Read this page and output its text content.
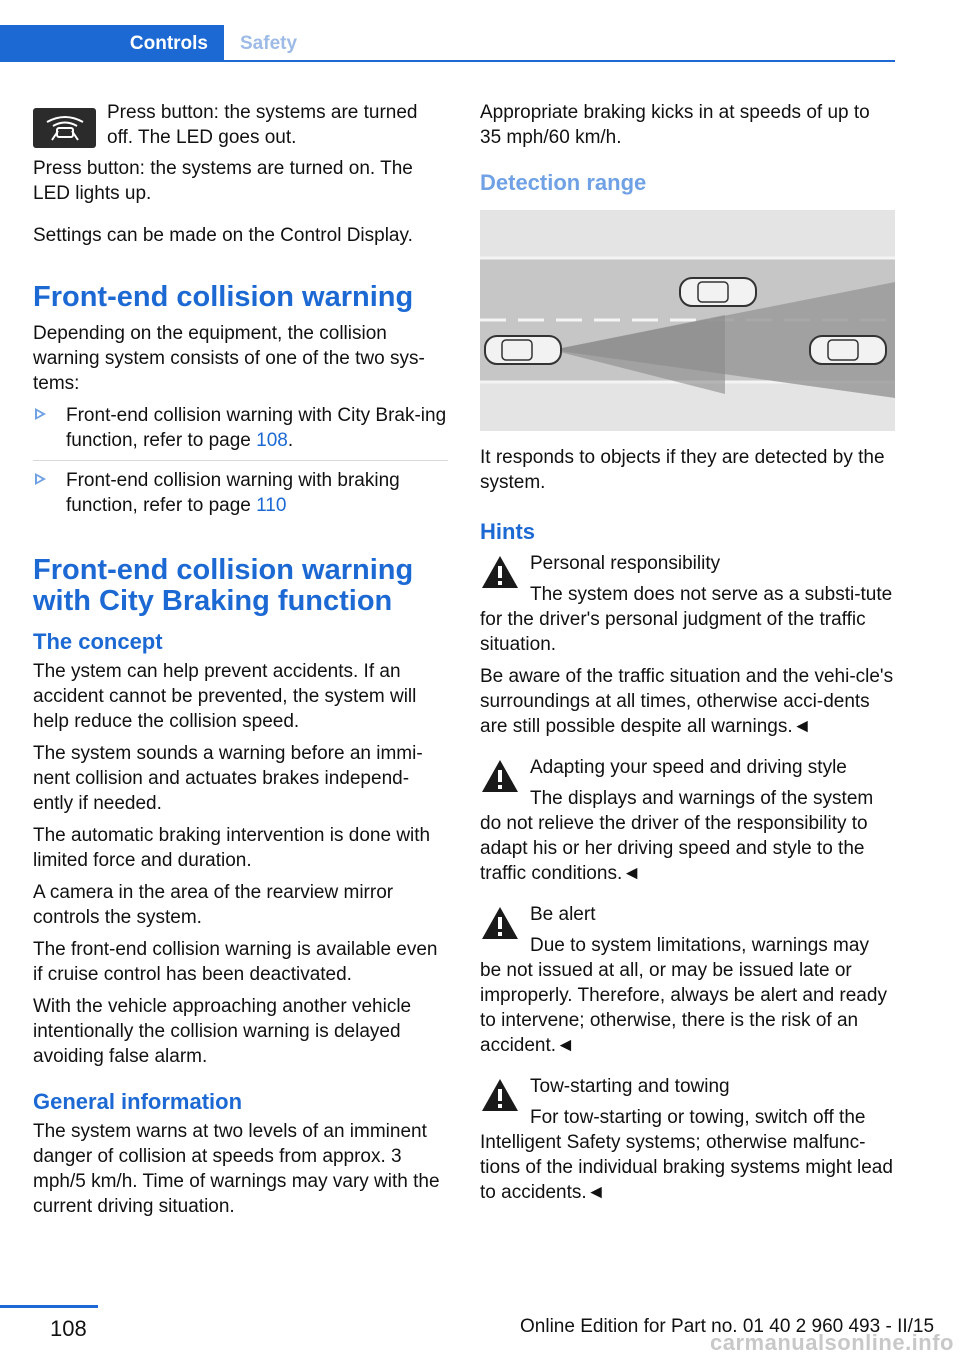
Controls Safety

Press button: the systems are turned off. The LED goes out.

Press button: the systems are turned on. The LED lights up.

Settings can be made on the Control Display.

Front-end collision warning

Depending on the equipment, the collision warning system consists of one of the two sys‐tems:

Front-end collision warning with City Brak‐ing function, refer to page 108.
Front-end collision warning with braking function, refer to page 110
Front-end collision warning with City Braking function
The concept

The ystem can help prevent accidents. If an accident cannot be prevented, the system will help reduce the collision speed.

The system sounds a warning before an immi‐nent collision and actuates brakes independ‐ently if needed.

The automatic braking intervention is done with limited force and duration.

A camera in the area of the rearview mirror controls the system.

The front-end collision warning is available even if cruise control has been deactivated.

With the vehicle approaching another vehicle intentionally the collision warning is delayed avoiding false alarm.

General information

The system warns at two levels of an imminent danger of collision at speeds from approx. 3 mph/5 km/h. Time of warnings may vary with the current driving situation.

Appropriate braking kicks in at speeds of up to 35 mph/60 km/h.

Detection range

It responds to objects if they are detected by the system.

Hints
Personal responsibility
The system does not serve as a substi‐tute for the driver's personal judgment of the traffic situation.

Be aware of the traffic situation and the vehi‐cle's surroundings at all times, otherwise acci‐dents are still possible despite all warnings.◄

Adapting your speed and driving style
The displays and warnings of the system do not relieve the driver of the responsibility to adapt his or her driving speed and style to the traffic conditions.◄
Be alert
Due to system limitations, warnings may be not issued at all, or may be issued late or improperly. Therefore, always be alert and ready to intervene; otherwise, there is the risk of an accident.◄
Tow-starting and towing
For tow-starting or towing, switch off the Intelligent Safety systems; otherwise malfunc‐tions of the individual braking systems might lead to accidents.◄
108	Online Edition for Part no. 01 40 2 960 493 - II/15
carmanualsonline.info
